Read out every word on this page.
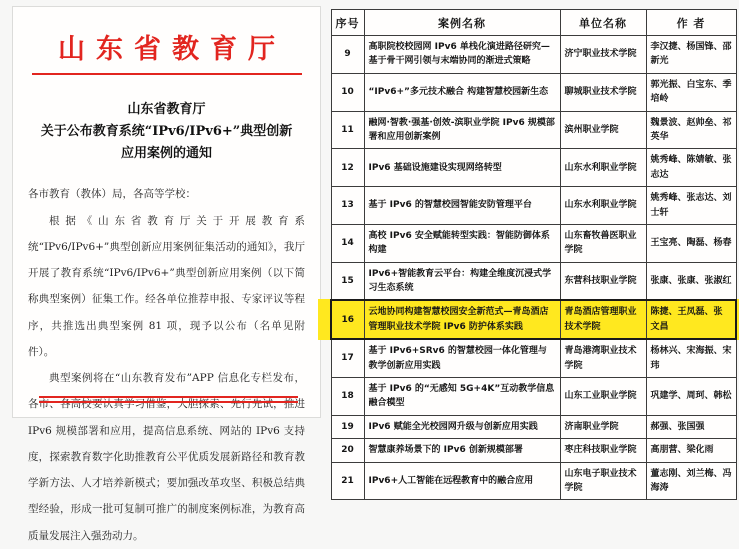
山东省教育厅
山东省教育厅
关于公布教育系统“IPv6/IPv6+”典型创新
应用案例的通知

各市教育（教体）局，各高等学校：

根据《山东省教育厅关于开展教育系统“IPv6/IPv6+”典型创新应用案例征集活动的通知》，我厅开展了教育系统“IPv6/IPv6+”典型创新应用案例（以下简称典型案例）征集工作。经各单位推荐申报、专家评议等程序，共推选出典型案例 81 项，现予以公布（名单见附件）。

典型案例将在“山东教育发布”APP 信息化专栏发布，各市、各高校要认真学习借鉴，大胆探索、先行先试，推进 IPv6 规模部署和应用，提高信息系统、网站的 IPv6 支持度，探索教育数字化助推教育公平优质发展新路径和教育教学新方法、人才培养新模式；要加强改革攻坚、积极总结典型经验，形成一批可复制可推广的制度案例标准，为教育高质量发展注入强劲动力。

序号	案例名称	单位名称	作 者
9	高职院校校园网 IPv6 单栈化演进路径研究—基于骨干网引领与末端协同的渐进式策略	济宁职业技术学院	李汉捷、杨国锋、邵新光
10	“IPv6+”多元技术融合 构建智慧校园新生态	聊城职业技术学院	郭光振、白宝东、季培岭
11	融网·智教·强基·创效-滨职业学院 IPv6 规模部署和应用创新案例	滨州职业学院	魏景波、赵帅垒、祁英华
12	IPv6 基础设施建设实现网络转型	山东水利职业学院	姚秀峰、陈婧敏、张志达
13	基于 IPv6 的智慧校园智能安防管理平台	山东水利职业学院	姚秀峰、张志达、刘士轩
14	高校 IPv6 安全赋能转型实践：智能防御体系构建	山东畜牧兽医职业学院	王宝亮、陶磊、杨春
15	IPv6+智能教育云平台：构建全维度沉浸式学习生态系统	东营科技职业学院	张康、张康、张淑红
16	云地协同构建智慧校园安全新范式—青岛酒店管理职业技术学院 IPv6 防护体系实践	青岛酒店管理职业技术学院	陈捷、王凤磊、张文昌
17	基于 IPv6+SRv6 的智慧校园一体化管理与教学创新应用实践	青岛港湾职业技术学院	杨林兴、宋海振、宋玮
18	基于 IPv6 的“无感知 5G+4K”互动教学信息融合模型	山东工业职业学院	巩建学、周珂、韩松
19	IPv6 赋能全光校园网升级与创新应用实践	济南职业学院	郝强、张国强
20	智慧康养场景下的 IPv6 创新规模部署	枣庄科技职业学院	高朋营、梁化雨
21	IPv6+人工智能在远程教育中的融合应用	山东电子职业技术学院	董志刚、刘兰梅、冯海涛
